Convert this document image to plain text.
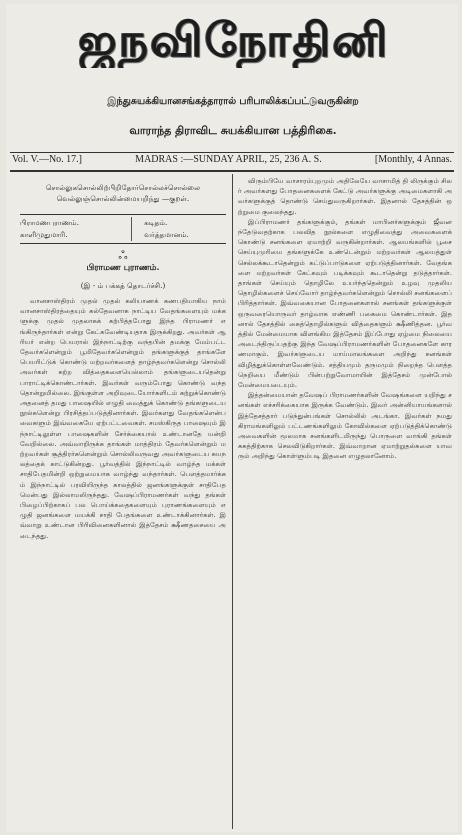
ஜநவிநோதினி
இந்துசுயக்கியானசங்கத்தாரால் பரிபாலிக்கப்பட்டுவருகின்ற
வாராந்த திராவிட சுயக்கியான பத்திரிகை.
Vol. V.—No. 17.]	MADRAS :—SUNDAY APRIL, 25, 236 A. S.	[Monthly, 4 Annas.
சொல்லுகசொல்லிற்பிறிதோர்சொல்லச்சொல்லை
வெல்லுஞ்சொல்லின்மையறிந்து —குறள்.
பிராமணபுராணம்.	கடிதம்.
காளிமுதுமாரி.	வர்த்தமானம்.
ஃ
பிராமண புராணம்.
(இ - ம் பக்கத் தொடர்ச்சி.)

வானசாஸ்திரம் முதல் முதல் கலியாணக் கணபதியாகிய நாம் வானசாஸ்திரத்தையும் கல்தேவனாக நாட்டிய வேதங்களையும் மக்களுக்கு முதல் முதலாகக் கற்பித்தபோது இந்த பிராமணர் எங்கிருந்தார்கள் என்று கேட்கவேண்டியதாக இருக்கிறது. அவர்கள் ஆரியர் என்ற பெயரால் இந்நாட்டிற்கு வந்தபின் தமக்கு மேம்பட்ட தேவர்களென்றும் பூமிதேவர்களென்றும் தங்களுக்குத் தாங்களே பெயரிட்டுக் கொண்டு மற்றவர்களைத் தாழ்ந்தவர்களென்று சொல்லி அவர்கள் கற்ற வித்தைகளையெல்லாம் தங்களுடையதென்று பாராட்டிக்கொண்டார்கள். இவர்கள் வரும்போது கொண்டு வந்ததொன்றுமில்லை. இங்குள்ள அறிவுடையோர்களிடம் கற்றுக்கொண்டு அதனைத் தமது பாஷையில் எழுதி வைத்துக் கொண்டு தங்களுடைய நூல்களென்று பிரசித்தப்படுத்தினார்கள். இவர்களது வேதங்களென்பவைகளும் இவ்வகையே ஏற்பட்டவைகள். சமஸ்கிருத பாஷையும் இந்நாட்டிலுள்ள பாஷைகளின் சேர்க்கையால் உண்டானதே யன்றி வேறில்லை. அவ்வாறிருக்க தாங்கள் மாத்திரம் தேவர்களென்றும் மற்றவர்கள் சூத்திரர்களென்றும் சொல்லிவருவது அவர்களுடைய சுயநலத்தைக் காட்டுகின்றது. பூர்வத்தில் இந்நாட்டில் வாழ்ந்த மக்கள் சாதிபேதமின்றி ஒற்றுமையாக வாழ்ந்து வந்தார்கள். பௌத்தமார்க்கம் இந்நாட்டில் பரவியிருந்த காலத்தில் ஜனங்களுக்குள் சாதிபேதமென்பது இல்லாமலிருந்தது. வேஷப்பிராமணர்கள் வந்து தங்கள் பிழைப்பிற்காகப் பல பொய்க்கதைகளையும் புராணங்களையும் எழுதி ஜனங்களை மயக்கி சாதி பேதங்களை உண்டாக்கினார்கள். இவ்வாறு உண்டான பிரிவினைகளினால் இத்தேசம் க்ஷீணதசையை அடைந்தது.

விரும்பியே வாசாரம்புறமும் அதிலேயே வாசாமித் தி லிருக்கும் சிலர் அவர்களது போதனைகளைக் கேட்டு அவர்களுக்கு அடிமைகளாகி அவர்களுக்குத் தொண்டு செய்துவருகிறார்கள். இதனால் தேசத்தின் ஒற்றுமை குலைந்தது.

இப்பிராமணர் தங்களுக்கும், தங்கள் மாபினர்களுக்கும் ஜீவனந்தேடுவதற்காக பலவித நூல்களை எழுதிவைத்து அவைகளைக் கொண்டு சனங்களை ஏமாற்றி வருகின்றார்கள். ஆலயங்களில் பூசை செய்யுமுரிமை தங்களுக்கே உண்டென்றும் மற்றவர்கள் ஆலயத்துள் செல்லக்கூடாதென்றும் கட்டுப்பாடுகளை ஏற்படுத்தினார்கள். வேதங்களை மற்றவர்கள் கேட்கவும் படிக்கவும் கூடாதென்று தடுத்தார்கள். தாங்கள் செய்யும் தொழிலே உயர்ந்ததென்றும் உழவு முதலிய தொழில்களைச் செய்வோர் தாழ்ந்தவர்களென்றும் சொல்லி சனங்களைப் பிரித்தார்கள். இவ்வகையான போதனைகளால் சனங்கள் தங்களுக்குள் ஒருவரையொருவர் தாழ்வாக எண்ணி பகைமை கொண்டார்கள். இதனால் தேசத்தில் கைத்தொழில்களும் வித்தைகளும் க்ஷீணித்தன. பூர்வத்தில் மேன்மையாக விளங்கிய இத்தேசம் இப்போது ஏழ்மை நிலையை அடைந்திருப்பதற்கு இந்த வேஷப்பிராமணர்களின் போதனைகளே காரணமாகும். இவர்களுடைய மாய்மாலங்களை அறிந்து சனங்கள் விழித்துக்கொள்ளவேண்டும். சத்தியமும் தருமமும் நிறைந்த பௌத்த நெறியை மீண்டும் பின்பற்றுவோமாயின் இத்தேசம் முன்போல் மேன்மையடையும்.

இத்தன்மையான் தவேஷப் பிராமணர்களின் வேஷங்களை யறிந்து சனங்கள் எச்சரிக்கையாக இருக்க வேண்டும். இவர் அன்னியாயங்களால் இத்தேசத்தார் படுந்துன்பங்கள் சொல்லில் அடங்கா. இவர்கள் நமது கிராமங்களிலும் பட்டணங்களிலும் கோவில்களை ஏற்படுத்திக்கொண்டு அவைகளின் மூலமாக சனங்களிடமிருந்து பொருளை வாங்கி தங்கள் சுகத்திற்காக செலவிடுகிறார்கள். இவ்வாறான ஏமாற்றுதல்களை யாவரும் அறிந்து கொள்ளும்படி இதனை எழுதலானோம்.
